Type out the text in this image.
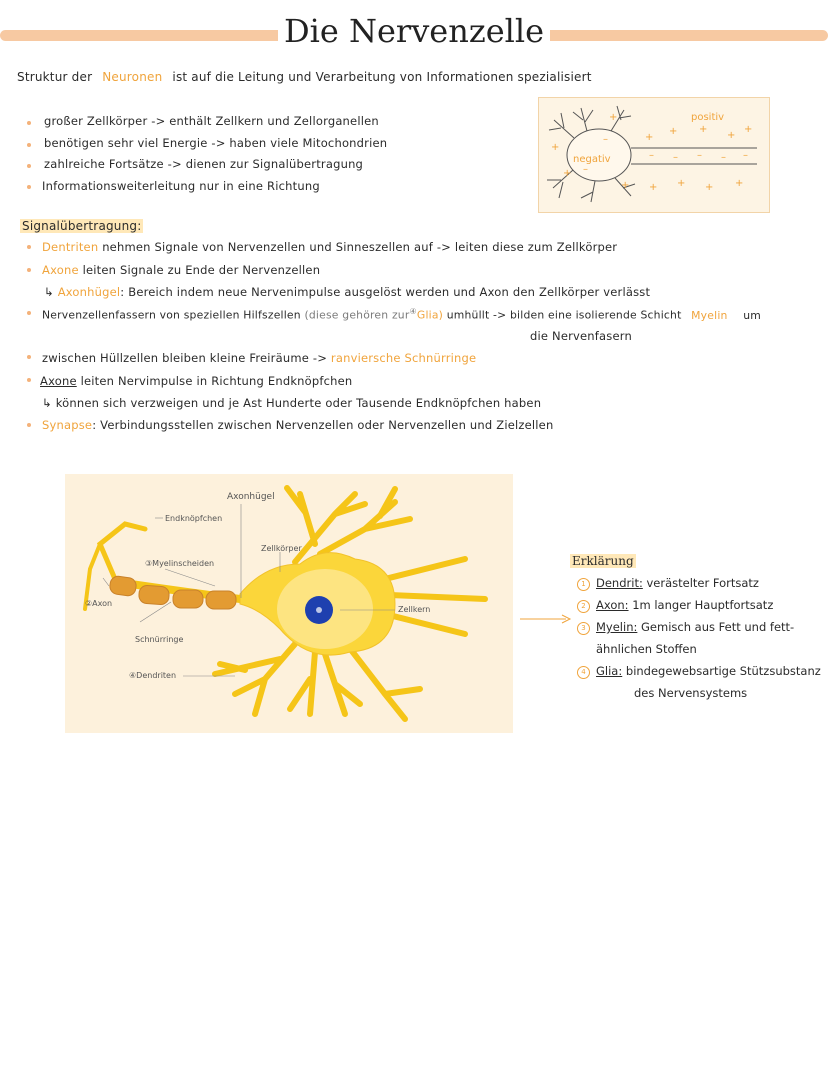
Die Nervenzelle
Struktur der Neuronen ist auf die Leitung und Verarbeitung von Informationen spezialisiert
großer Zellkörper -> enthält Zellkern und Zellorganellen
benötigen sehr viel Energie -> haben viele Mitochondrien
zahlreiche Fortsätze -> dienen zur Signalübertragung
Informationsweiterleitung nur in eine Richtung
+
+
+
+
+
+ +
+
+
+ + + +
–
–
– – – – –
positiv
negativ
Signalübertragung:
Dentriten nehmen Signale von Nervenzellen und Sinneszellen auf -> leiten diese zum Zellkörper
Axone leiten Signale zu Ende der Nervenzellen
↳ Axonhügel: Bereich indem neue Nervenimpulse ausgelöst werden und Axon den Zellkörper verlässt
Nervenzellenfassern von speziellen Hilfszellen (diese gehören zur④Glia) umhüllt -> bilden eine isolierende Schicht Myelin um
die Nervenfasern
zwischen Hüllzellen bleiben kleine Freiräume -> ranviersche Schnürringe
Axone leiten Nervimpulse in Richtung Endknöpfchen
↳ können sich verzweigen und je Ast Hunderte oder Tausende Endknöpfchen haben
Synapse: Verbindungsstellen zwischen Nervenzellen oder Nervenzellen und Zielzellen
Axonhügel
Endknöpfchen
Zellkörper
③Myelinscheiden
②Axon
Zellkern
Schnürringe
④Dendriten
Erklärung
1 Dendrit: verästelter Fortsatz
2 Axon: 1m langer Hauptfortsatz
3 Myelin: Gemisch aus Fett und fett-
ähnlichen Stoffen
4 Glia: bindegewebsartige Stützsubstanz
des Nervensystems
